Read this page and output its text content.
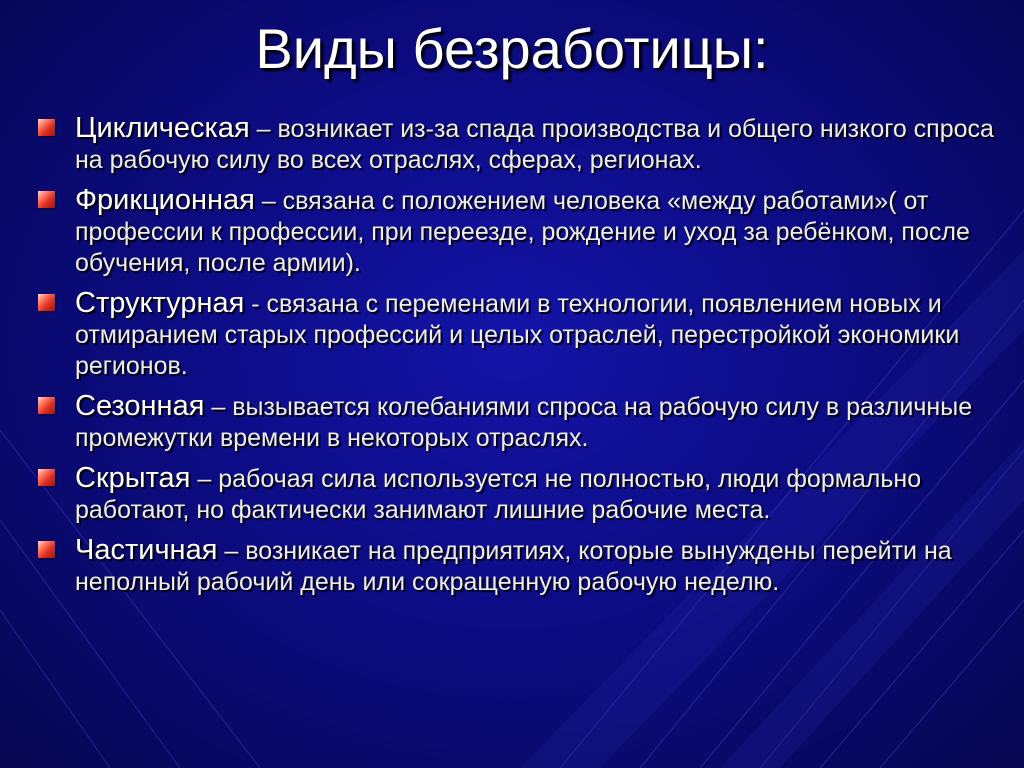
Виды безработицы:
Циклическая – возникает из-за спада производства и общего низкого спроса на рабочую силу во всех отраслях, сферах, регионах.
Фрикционная – связана с положением человека «между работами»( от профессии к профессии, при переезде, рождение и уход за ребёнком, после обучения, после армии).
Структурная - связана с переменами в технологии, появлением новых и отмиранием старых профессий и целых отраслей, перестройкой экономики регионов.
Сезонная – вызывается колебаниями спроса на рабочую силу в различные промежутки времени в некоторых отраслях.
Скрытая – рабочая сила используется не полностью, люди формально работают, но фактически занимают лишние рабочие места.
Частичная – возникает на предприятиях, которые вынуждены перейти на неполный рабочий день или сокращенную рабочую неделю.
